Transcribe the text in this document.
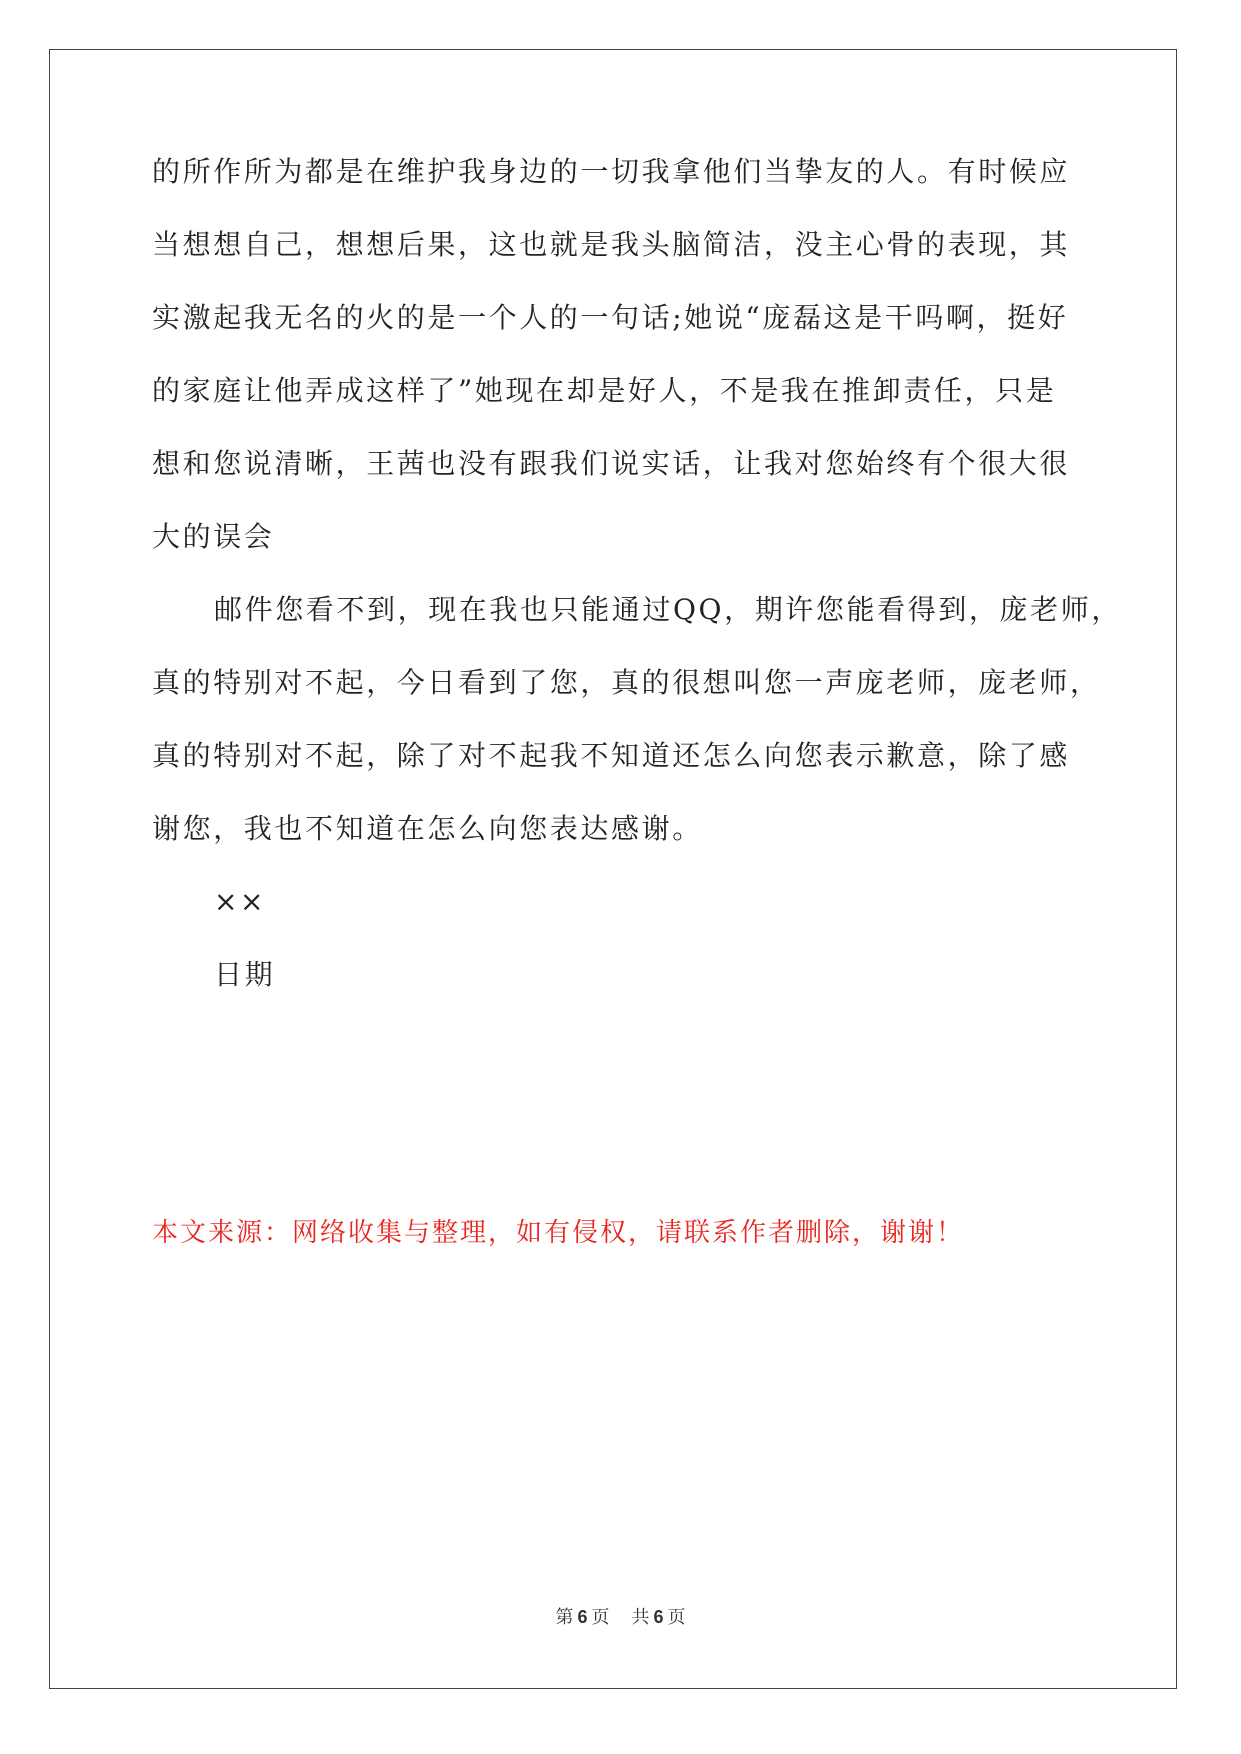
的所作所为都是在维护我身边的一切我拿他们当挚友的人。有时候应
当想想自己，想想后果，这也就是我头脑简洁，没主心骨的表现，其
实激起我无名的火的是一个人的一句话;她说“庞磊这是干吗啊，挺好
的家庭让他弄成这样了”她现在却是好人，不是我在推卸责任，只是
想和您说清晰，王茜也没有跟我们说实话，让我对您始终有个很大很
大的误会
邮件您看不到，现在我也只能通过QQ，期许您能看得到，庞老师，
真的特别对不起，今日看到了您，真的很想叫您一声庞老师，庞老师，
真的特别对不起，除了对不起我不知道还怎么向您表示歉意，除了感
谢您，我也不知道在怎么向您表达感谢。
××
日期
本文来源：网络收集与整理，如有侵权，请联系作者删除，谢谢！
第 6 页 共 6 页
